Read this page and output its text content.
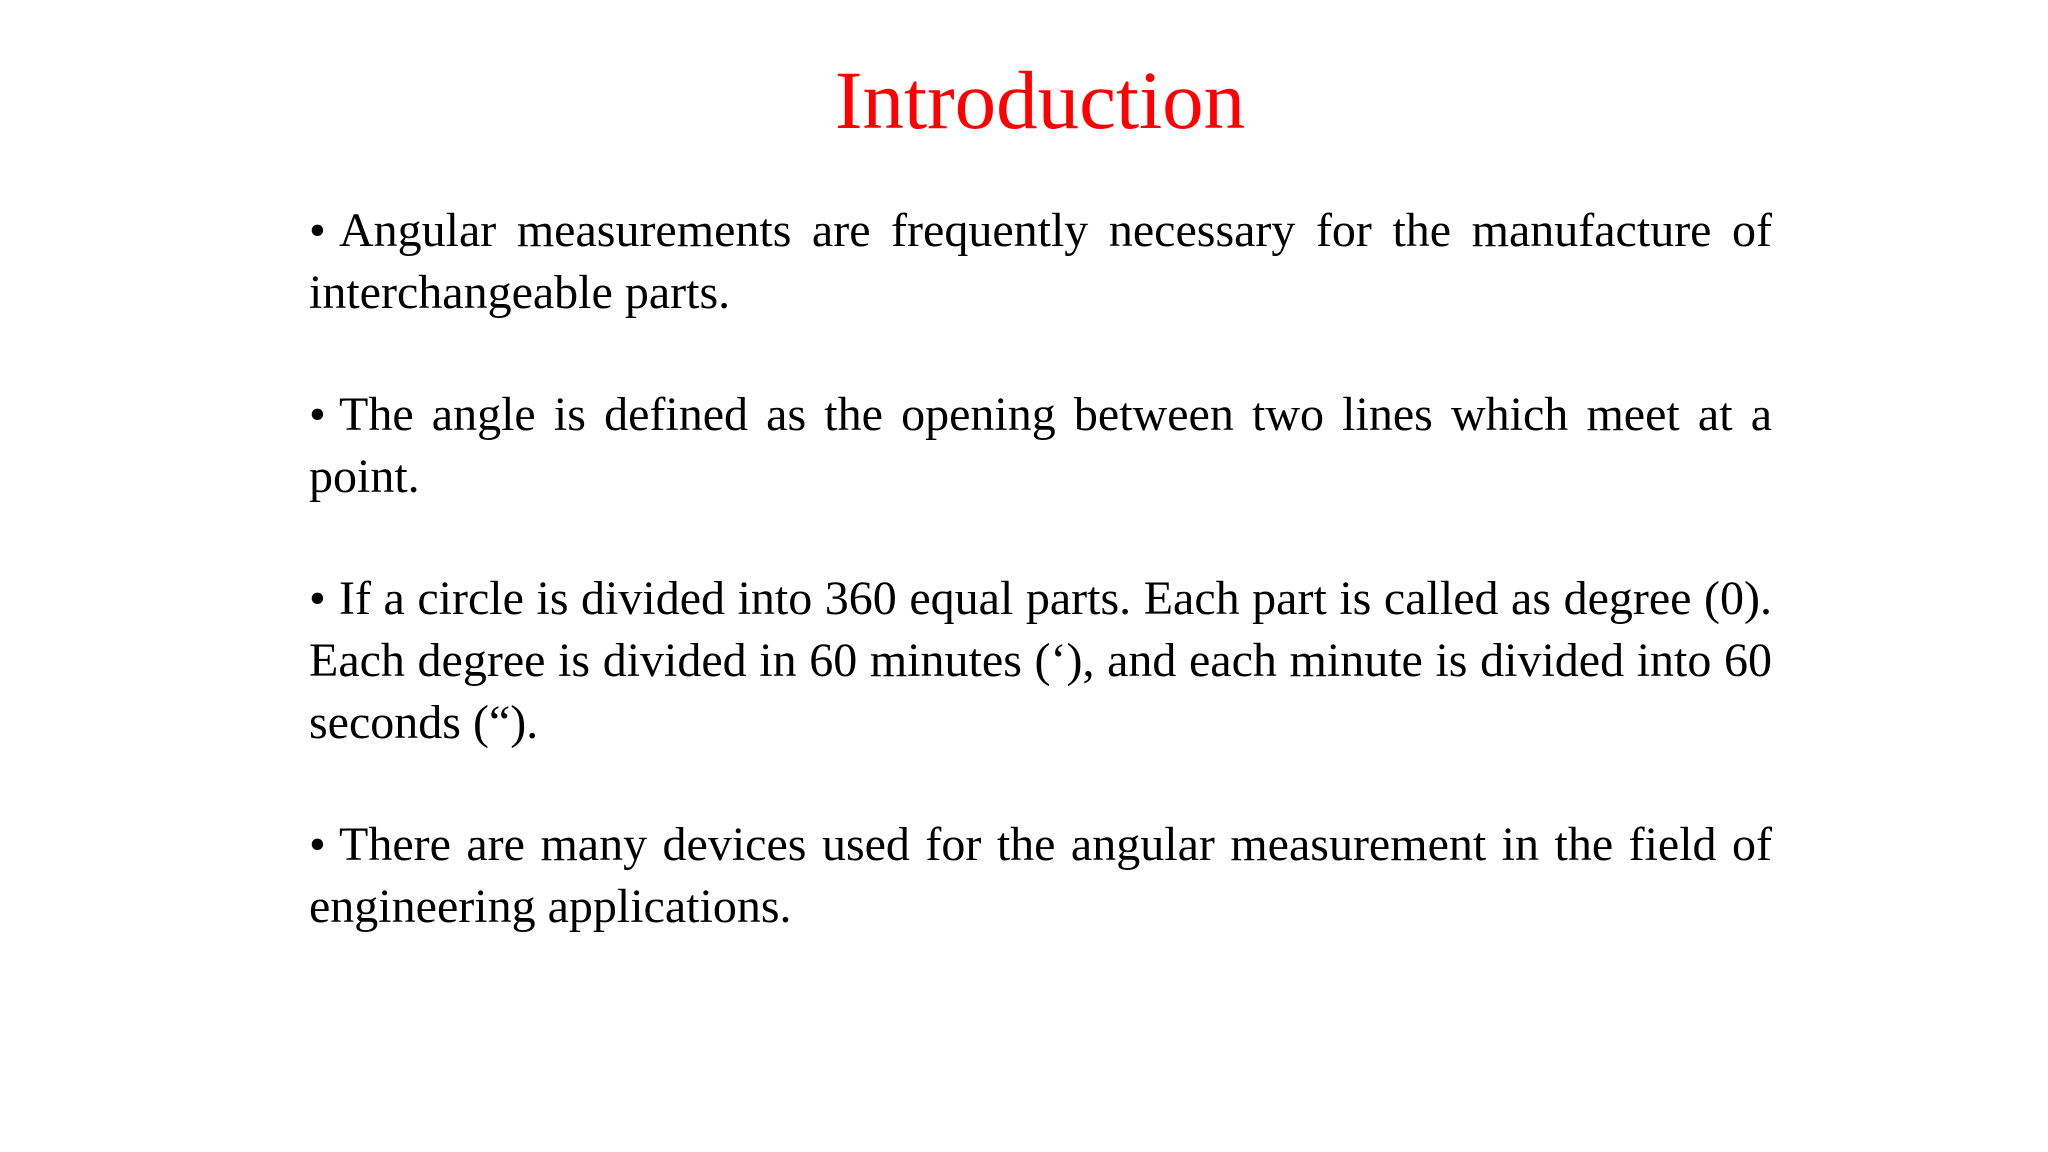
Introduction
• Angular measurements are frequently necessary for the manufacture of interchangeable parts.
• The angle is defined as the opening between two lines which meet at a point.
• If a circle is divided into 360 equal parts. Each part is called as degree (0). Each degree is divided in 60 minutes (‘), and each minute is divided into 60 seconds (“).
• There are many devices used for the angular measurement in the field of engineering applications.
